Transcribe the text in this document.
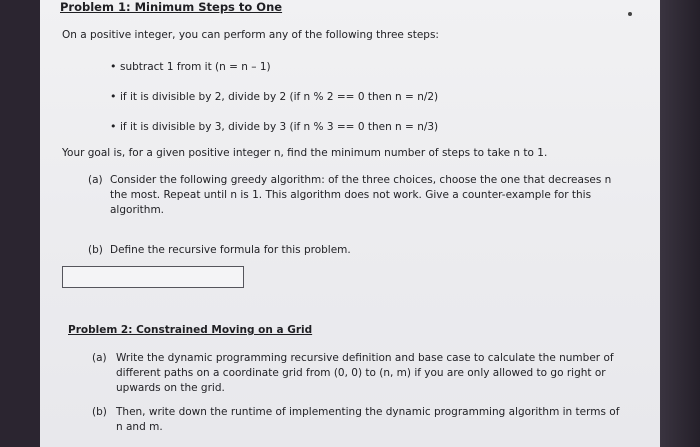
Problem 1: Minimum Steps to One
On a positive integer, you can perform any of the following three steps:
• subtract 1 from it (n = n – 1)
• if it is divisible by 2, divide by 2 (if n % 2 == 0 then n = n/2)
• if it is divisible by 3, divide by 3 (if n % 3 == 0 then n = n/3)
Your goal is, for a given positive integer n, find the minimum number of steps to take n to 1.
(a) Consider the following greedy algorithm: of the three choices, choose the one that decreases n
the most. Repeat until n is 1. This algorithm does not work. Give a counter-example for this
algorithm.
(b) Define the recursive formula for this problem.
Problem 2: Constrained Moving on a Grid
(a) Write the dynamic programming recursive definition and base case to calculate the number of
different paths on a coordinate grid from (0, 0) to (n, m) if you are only allowed to go right or
upwards on the grid.
(b) Then, write down the runtime of implementing the dynamic programming algorithm in terms of
n and m.
